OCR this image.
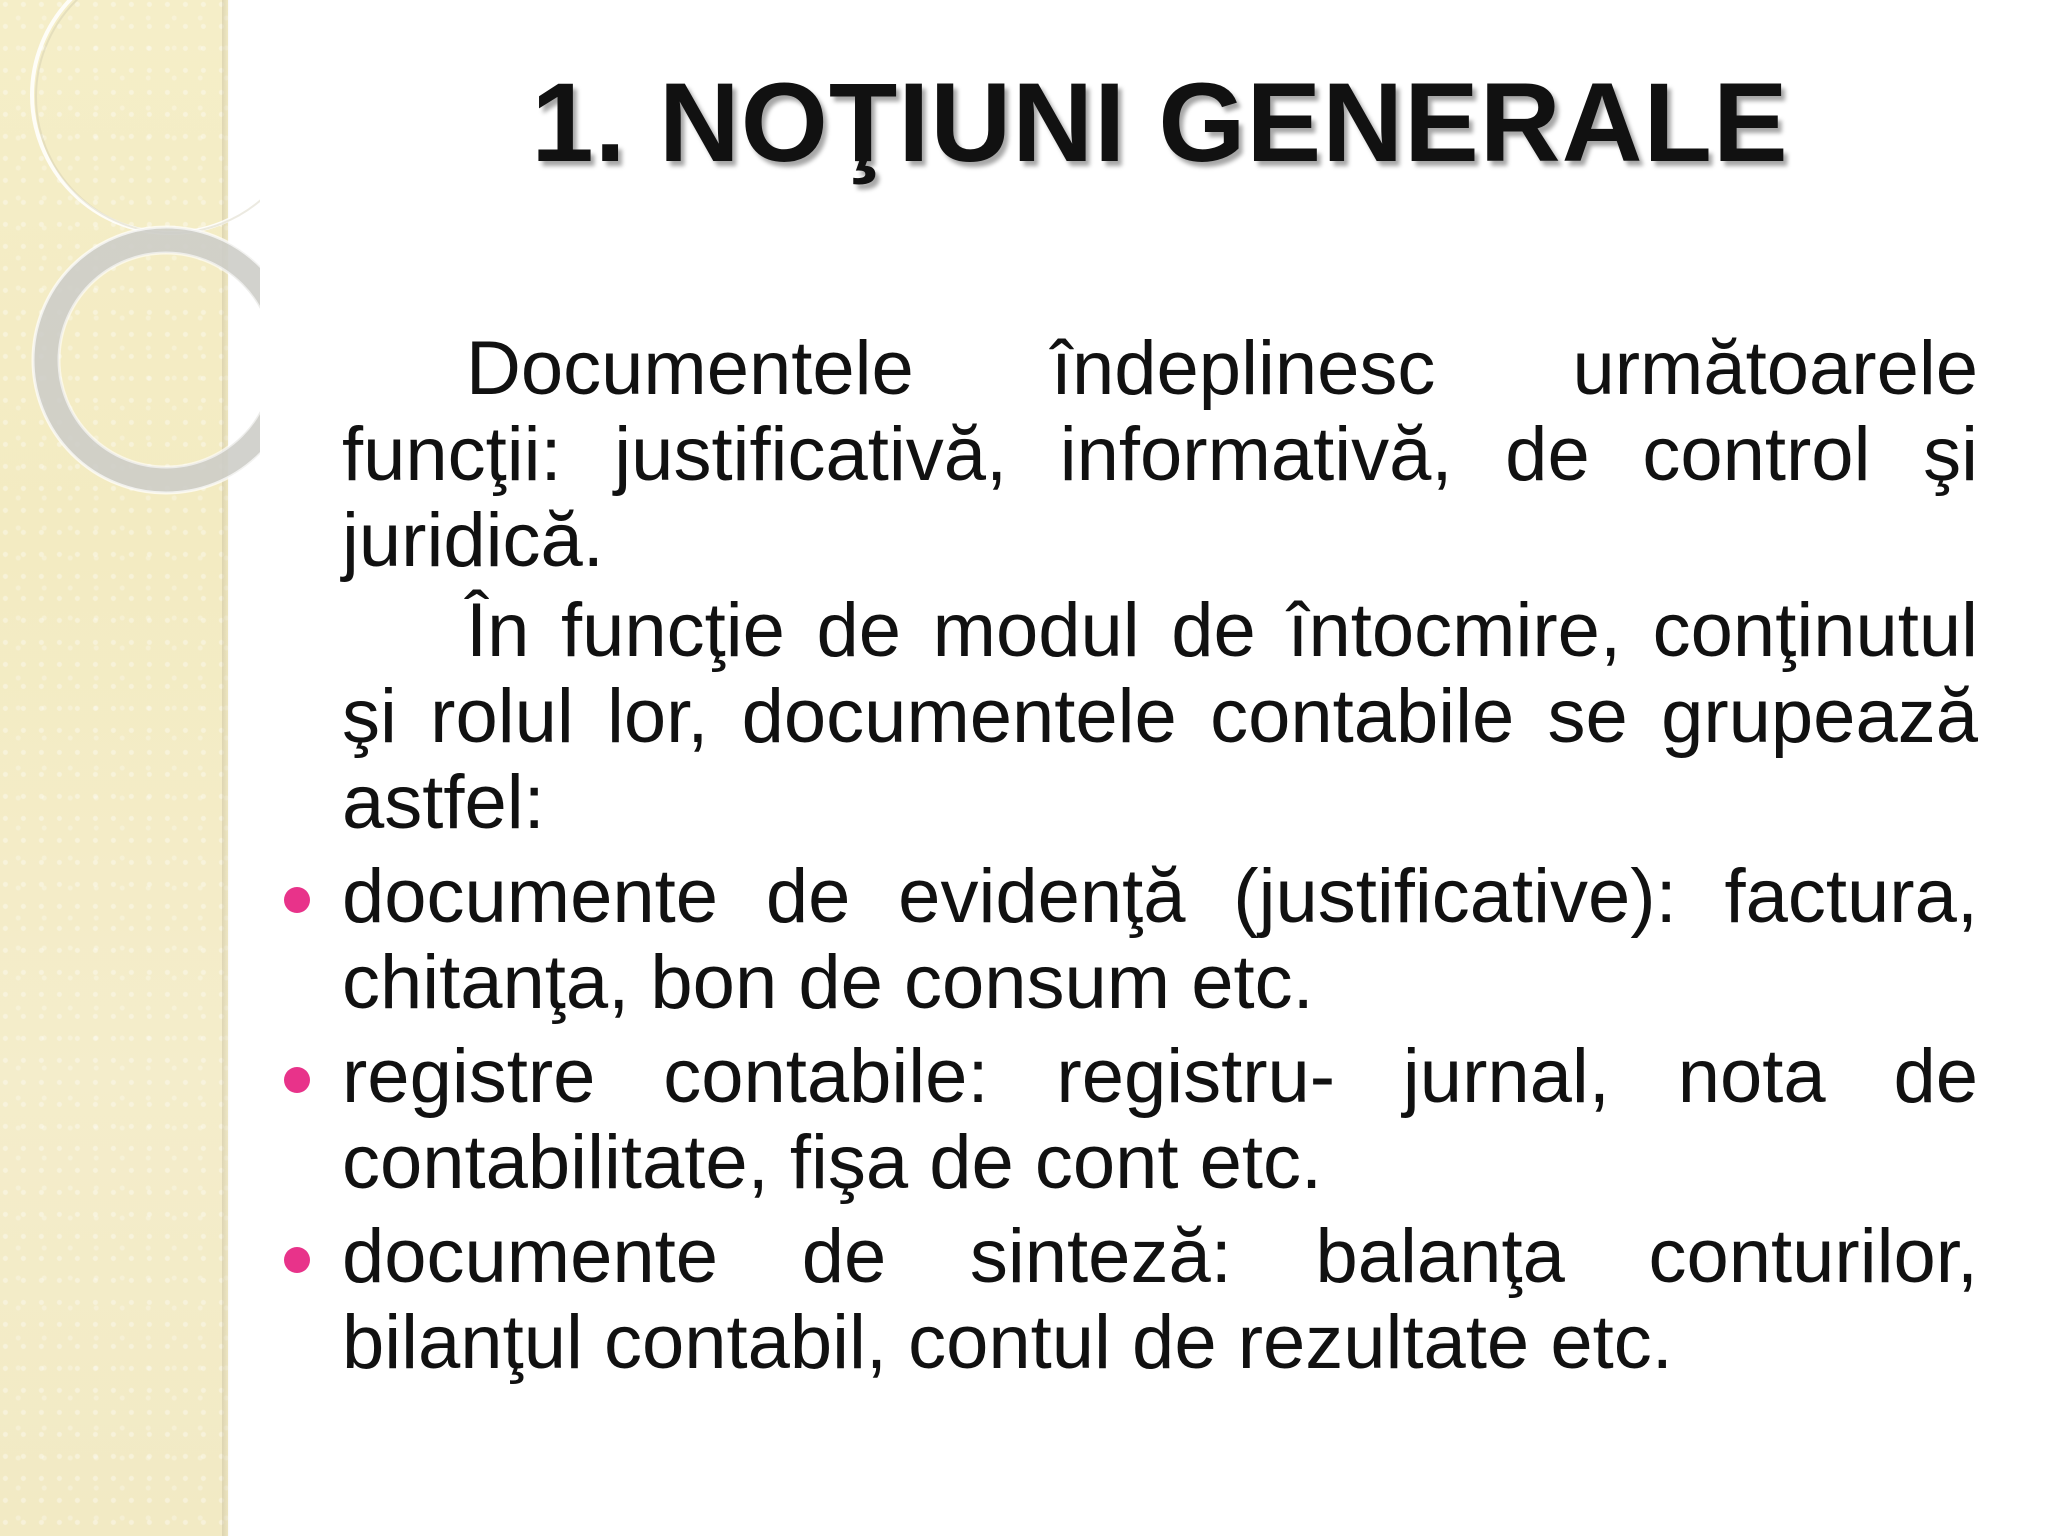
1. NOŢIUNI GENERALE

Documentele îndeplinesc următoarele funcţii: justificativă, informativă, de control şi juridică.

În funcţie de modul de întocmire, conţinutul şi rolul lor, documentele contabile se grupează astfel:

documente de evidenţă (justificative): factura, chitanţa, bon de consum etc.
registre contabile: registru- jurnal, nota de contabilitate, fişa de cont etc.
documente de sinteză: balanţa conturilor, bilanţul contabil, contul de rezultate etc.
